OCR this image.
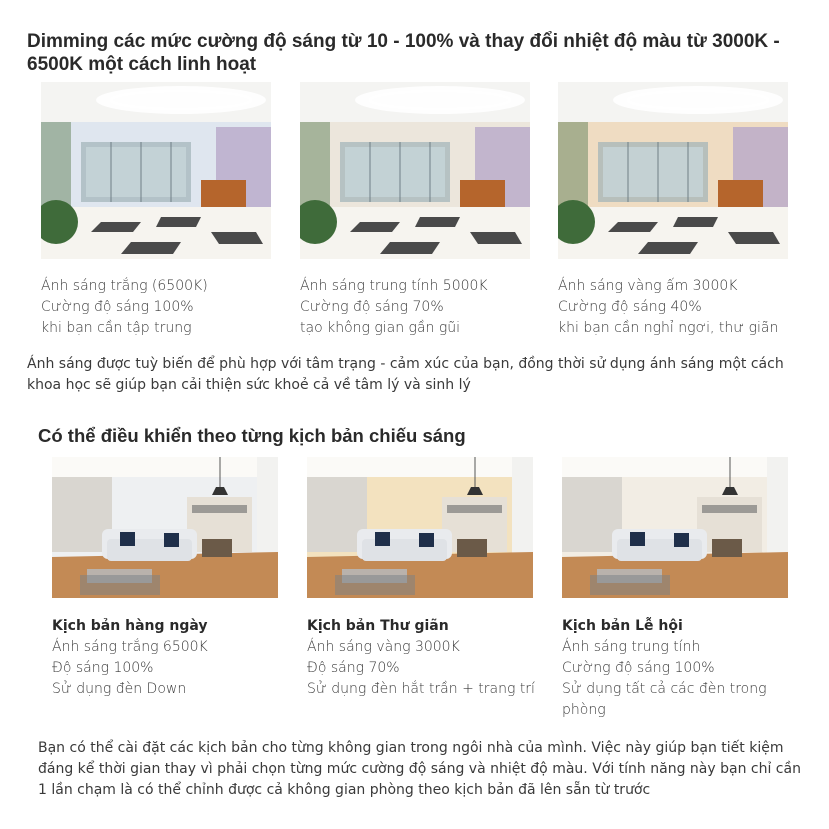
Dimming các mức cường độ sáng từ 10 - 100% và thay đổi nhiệt độ màu từ 3000K - 6500K một cách linh hoạt
Ánh sáng trắng (6500K)
Cường độ sáng 100%
khi bạn cần tập trung
Ánh sáng trung tính 5000K
Cường độ sáng 70%
tạo không gian gần gũi
Ánh sáng vàng ấm 3000K
Cường độ sáng 40%
khi bạn cần nghỉ ngơi, thư giãn
Ánh sáng được tuỳ biến để phù hợp với tâm trạng - cảm xúc của bạn, đồng thời sử dụng ánh sáng một cách khoa học sẽ giúp bạn cải thiện sức khoẻ cả về tâm lý và sinh lý
Có thể điều khiển theo từng kịch bản chiếu sáng
Kịch bản hàng ngày
Ánh sáng trắng 6500K
Độ sáng 100%
Sử dụng đèn Down
Kịch bản Thư giãn
Ánh sáng vàng 3000K
Độ sáng 70%
Sử dụng đèn hắt trần + trang trí
Kịch bản Lễ hội
Ánh sáng trung tính
Cường độ sáng 100%
Sử dụng tất cả các đèn trong phòng
Bạn có thể cài đặt các kịch bản cho từng không gian trong ngôi nhà của mình. Việc này giúp bạn tiết kiệm đáng kể thời gian thay vì phải chọn từng mức cường độ sáng và nhiệt độ màu. Với tính năng này bạn chỉ cần 1 lần chạm là có thể chỉnh được cả không gian phòng theo kịch bản đã lên sẵn từ trước
